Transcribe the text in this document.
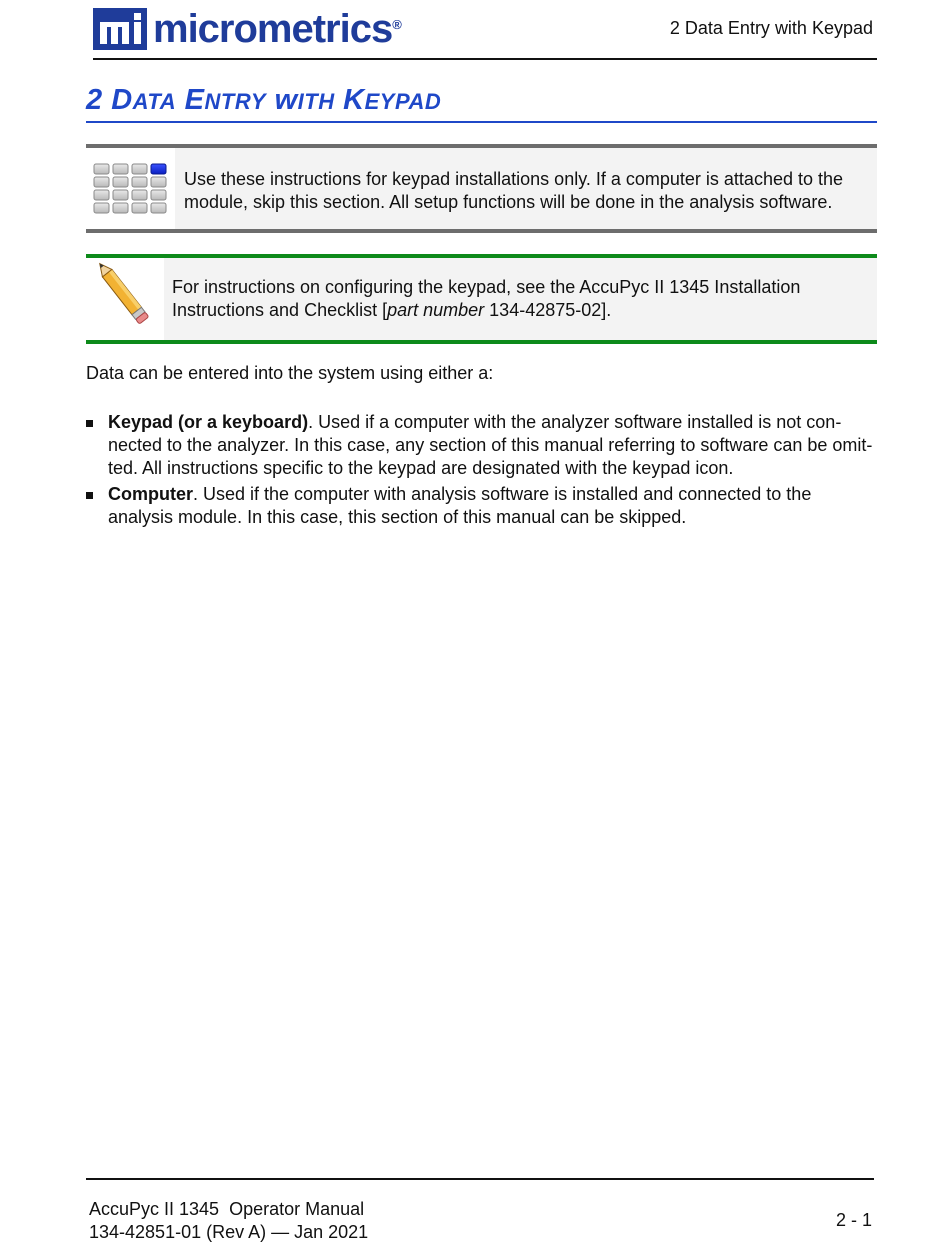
micrometrics®	2 Data Entry with Keypad
2 DATA ENTRY wITH KEYPAD
Use these instructions for keypad installations only. If a computer is attached to the module, skip this section. All setup functions will be done in the analysis software.
For instructions on configuring the keypad, see the AccuPyc II 1345 Installation Instructions and Checklist [part number 134-42875-02].
Data can be entered into the system using either a:
Keypad (or a keyboard). Used if a computer with the analyzer software installed is not con-nected to the analyzer. In this case, any section of this manual referring to software can be omit-ted. All instructions specific to the keypad are designated with the keypad icon.
Computer. Used if the computer with analysis software is installed and connected to the analysis module. In this case, this section of this manual can be skipped.
AccuPyc II 1345  Operator Manual
134-42851-01 (Rev A) — Jan 2021
2 - 1
